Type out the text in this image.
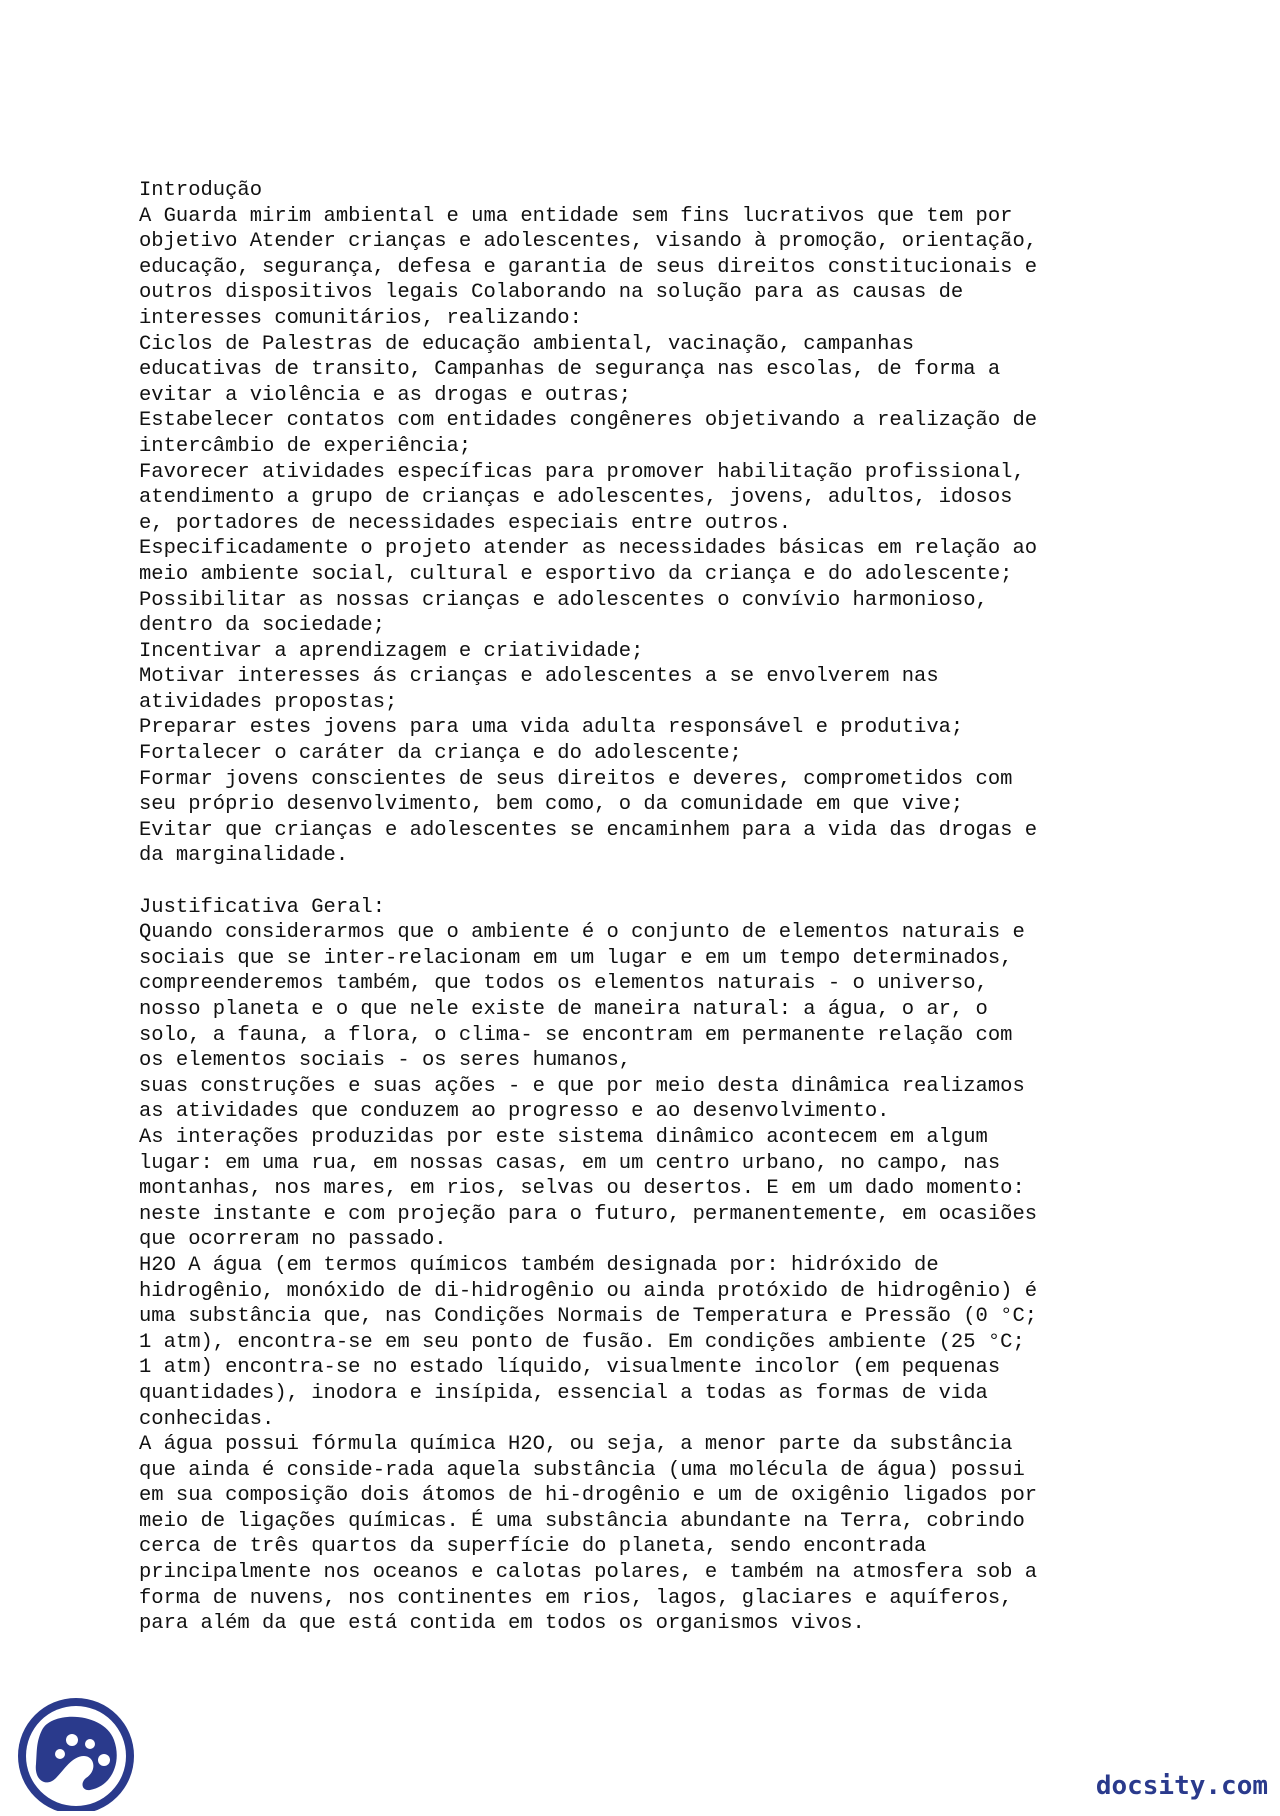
Introdução
A Guarda mirim ambiental e uma entidade sem fins lucrativos que tem por
objetivo Atender crianças e adolescentes, visando à promoção, orientação,
educação, segurança, defesa e garantia de seus direitos constitucionais e
outros dispositivos legais Colaborando na solução para as causas de
interesses comunitários, realizando:
Ciclos de Palestras de educação ambiental, vacinação, campanhas
educativas de transito, Campanhas de segurança nas escolas, de forma a
evitar a violência e as drogas e outras;
Estabelecer contatos com entidades congêneres objetivando a realização de
intercâmbio de experiência;
Favorecer atividades específicas para promover habilitação profissional,
atendimento a grupo de crianças e adolescentes, jovens, adultos, idosos
e, portadores de necessidades especiais entre outros.
Especificadamente o projeto atender as necessidades básicas em relação ao
meio ambiente social, cultural e esportivo da criança e do adolescente;
Possibilitar as nossas crianças e adolescentes o convívio harmonioso,
dentro da sociedade;
Incentivar a aprendizagem e criatividade;
Motivar interesses ás crianças e adolescentes a se envolverem nas
atividades propostas;
Preparar estes jovens para uma vida adulta responsável e produtiva;
Fortalecer o caráter da criança e do adolescente;
Formar jovens conscientes de seus direitos e deveres, comprometidos com
seu próprio desenvolvimento, bem como, o da comunidade em que vive;
Evitar que crianças e adolescentes se encaminhem para a vida das drogas e
da marginalidade.
Justificativa Geral:
Quando considerarmos que o ambiente é o conjunto de elementos naturais e
sociais que se inter-relacionam em um lugar e em um tempo determinados,
compreenderemos também, que todos os elementos naturais - o universo,
nosso planeta e o que nele existe de maneira natural: a água, o ar, o
solo, a fauna, a flora, o clima- se encontram em permanente relação com
os elementos sociais - os seres humanos,
suas construções e suas ações - e que por meio desta dinâmica realizamos
as atividades que conduzem ao progresso e ao desenvolvimento.
As interações produzidas por este sistema dinâmico acontecem em algum
lugar: em uma rua, em nossas casas, em um centro urbano, no campo, nas
montanhas, nos mares, em rios, selvas ou desertos. E em um dado momento:
neste instante e com projeção para o futuro, permanentemente, em ocasiões
que ocorreram no passado.
H2O A água (em termos químicos também designada por: hidróxido de
hidrogênio, monóxido de di-hidrogênio ou ainda protóxido de hidrogênio) é
uma substância que, nas Condições Normais de Temperatura e Pressão (0 °C;
1 atm), encontra-se em seu ponto de fusão. Em condições ambiente (25 °C;
1 atm) encontra-se no estado líquido, visualmente incolor (em pequenas
quantidades), inodora e insípida, essencial a todas as formas de vida
conhecidas.
A água possui fórmula química H2O, ou seja, a menor parte da substância
que ainda é conside-rada aquela substância (uma molécula de água) possui
em sua composição dois átomos de hi-drogênio e um de oxigênio ligados por
meio de ligações químicas. É uma substância abundante na Terra, cobrindo
cerca de três quartos da superfície do planeta, sendo encontrada
principalmente nos oceanos e calotas polares, e também na atmosfera sob a
forma de nuvens, nos continentes em rios, lagos, glaciares e aquíferos,
para além da que está contida em todos os organismos vivos.
docsity.com
